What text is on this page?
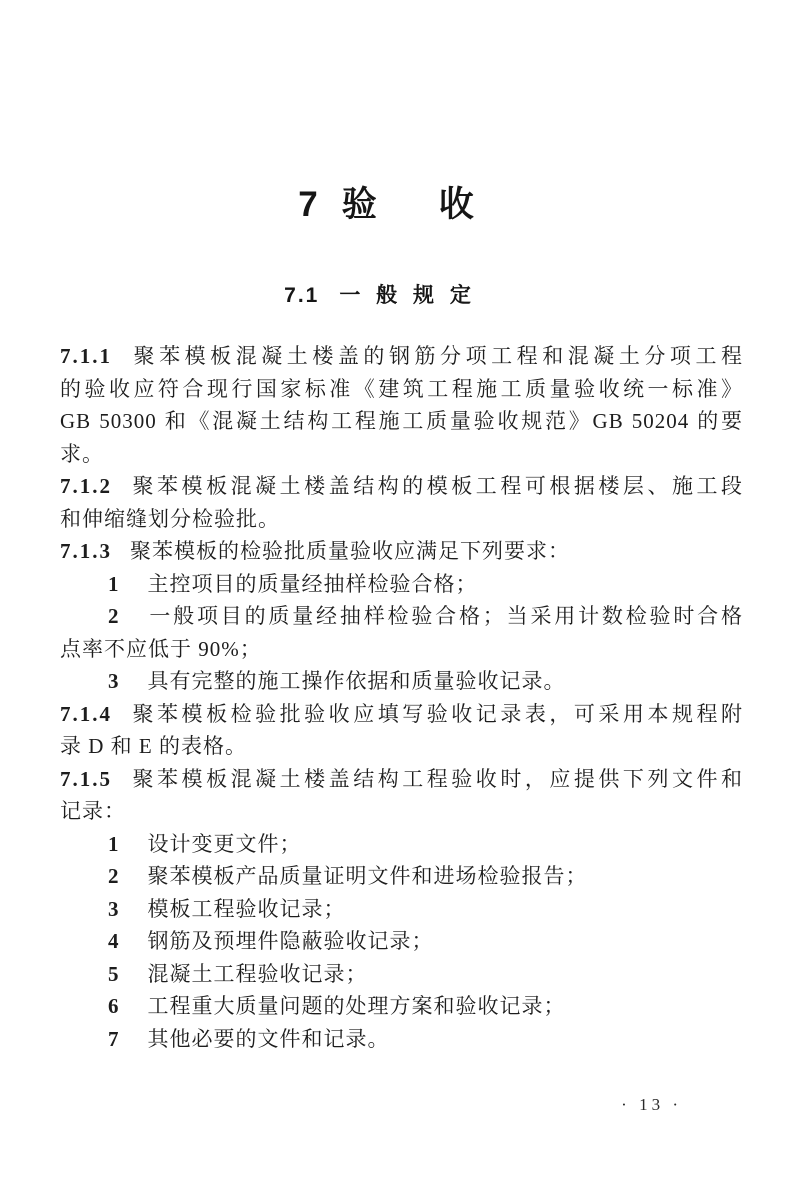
7 验 收
7.1 一 般 规 定
7.1.1 聚苯模板混凝土楼盖的钢筋分项工程和混凝土分项工程
的验收应符合现行国家标准《建筑工程施工质量验收统一标准》
GB 50300 和《混凝土结构工程施工质量验收规范》GB 50204 的要
求。
7.1.2 聚苯模板混凝土楼盖结构的模板工程可根据楼层、施工段
和伸缩缝划分检验批。
7.1.3 聚苯模板的检验批质量验收应满足下列要求：
1 主控项目的质量经抽样检验合格；
2 一般项目的质量经抽样检验合格；当采用计数检验时合格
点率不应低于 90%；
3 具有完整的施工操作依据和质量验收记录。
7.1.4 聚苯模板检验批验收应填写验收记录表，可采用本规程附
录 D 和 E 的表格。
7.1.5 聚苯模板混凝土楼盖结构工程验收时，应提供下列文件和
记录：
1 设计变更文件；
2 聚苯模板产品质量证明文件和进场检验报告；
3 模板工程验收记录；
4 钢筋及预埋件隐蔽验收记录；
5 混凝土工程验收记录；
6 工程重大质量问题的处理方案和验收记录；
7 其他必要的文件和记录。
· 13 ·
